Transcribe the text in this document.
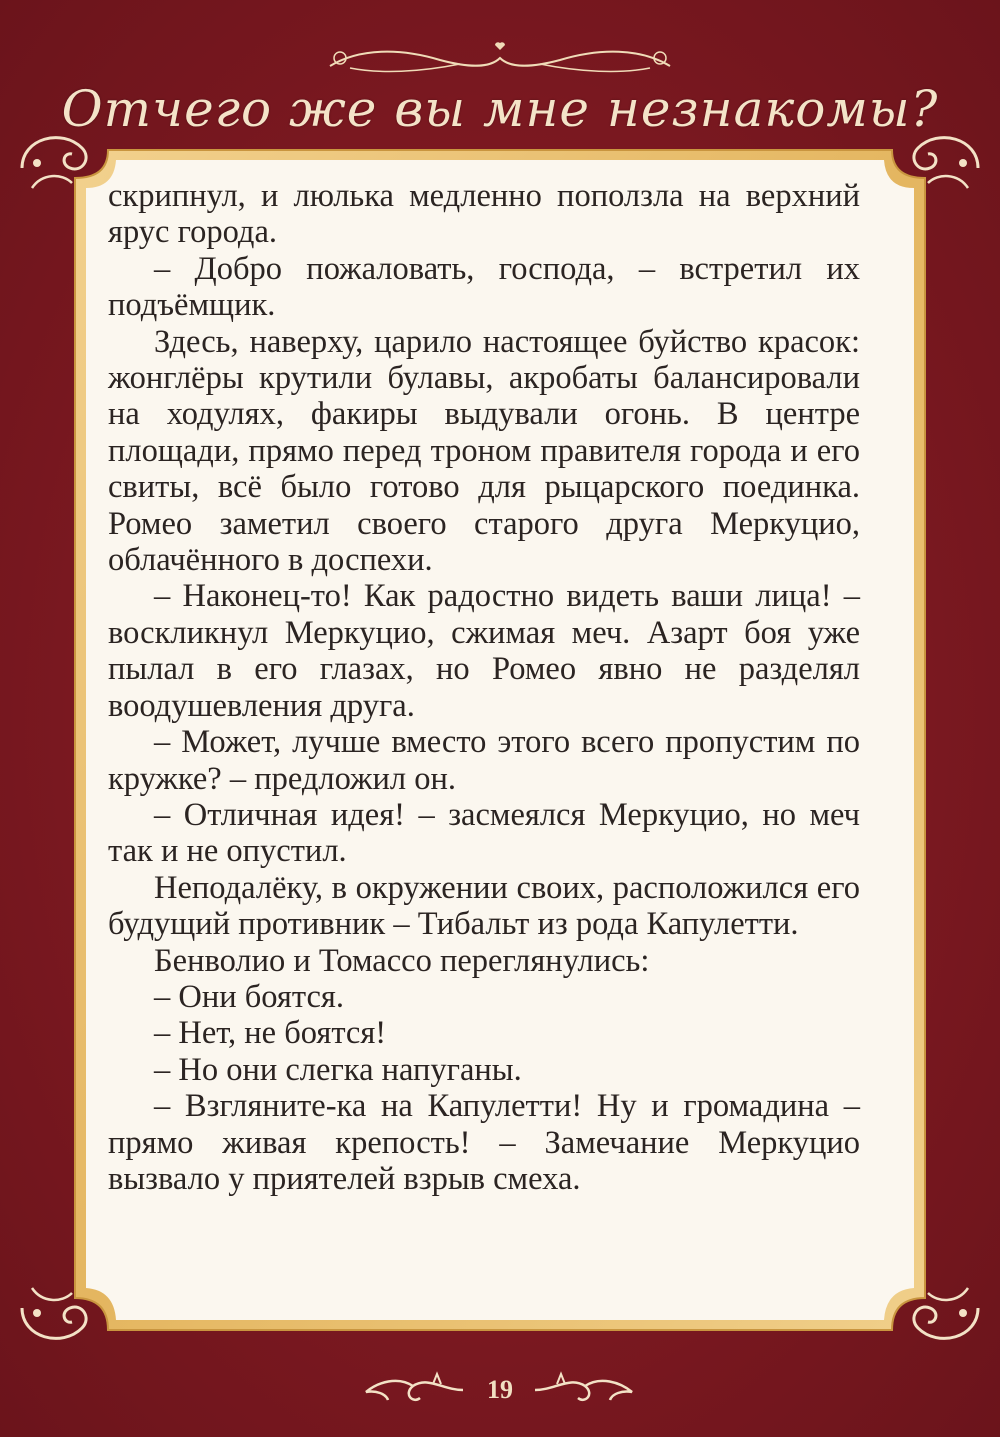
Отчего же вы мне незнакомы?

скрипнул, и люлька медленно поползла на верхний ярус города.

– Добро пожаловать, господа, – встретил их подъёмщик.

Здесь, наверху, царило настоящее буйство красок: жонглёры крутили булавы, акробаты балансировали на ходулях, факиры выдували огонь. В центре площади, прямо перед троном правителя города и его свиты, всё было готово для рыцарского поединка. Ромео заметил своего старого друга Меркуцио, облачённого в доспехи.

– Наконец-то! Как радостно видеть ваши лица! – воскликнул Меркуцио, сжимая меч. Азарт боя уже пылал в его глазах, но Ромео явно не разделял воодушевления друга.

– Может, лучше вместо этого всего пропустим по кружке? – предложил он.

– Отличная идея! – засмеялся Меркуцио, но меч так и не опустил.

Неподалёку, в окружении своих, расположился его будущий противник – Тибальт из рода Капулетти.

Бенволио и Томассо переглянулись:

– Они боятся.

– Нет, не боятся!

– Но они слегка напуганы.

– Взгляните-ка на Капулетти! Ну и громадина – прямо живая крепость! – Замечание Меркуцио вызвало у приятелей взрыв смеха.

19
